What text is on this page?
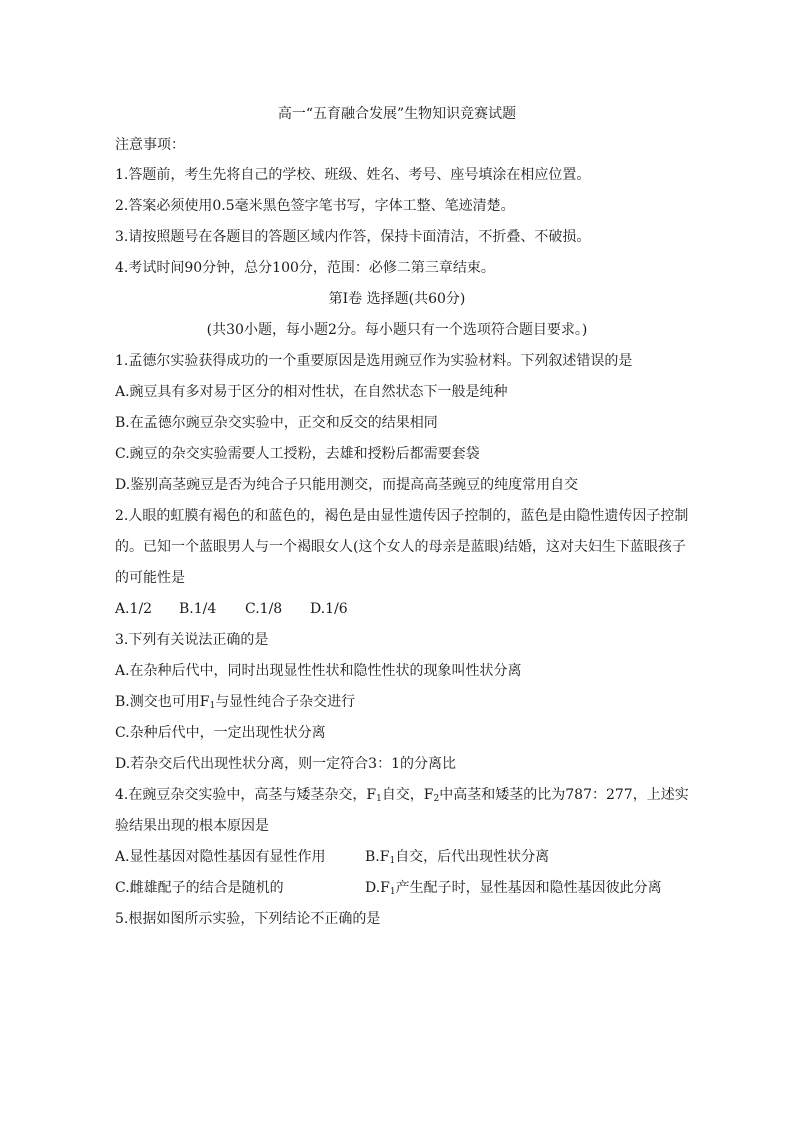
高一“五育融合发展”生物知识竞赛试题
注意事项：
1.答题前，考生先将自己的学校、班级、姓名、考号、座号填涂在相应位置。
2.答案必须使用0.5毫米黑色签字笔书写，字体工整、笔迹清楚。
3.请按照题号在各题目的答题区域内作答，保持卡面清洁，不折叠、不破损。
4.考试时间90分钟，总分100分，范围：必修二第三章结束。
第Ⅰ卷 选择题(共60分)
(共30小题，每小题2分。每小题只有一个选项符合题目要求。)
1.孟德尔实验获得成功的一个重要原因是选用豌豆作为实验材料。下列叙述错误的是
A.豌豆具有多对易于区分的相对性状，在自然状态下一般是纯种
B.在孟德尔豌豆杂交实验中，正交和反交的结果相同
C.豌豆的杂交实验需要人工授粉，去雄和授粉后都需要套袋
D.鉴别高茎豌豆是否为纯合子只能用测交，而提高高茎豌豆的纯度常用自交
2.人眼的虹膜有褐色的和蓝色的，褐色是由显性遗传因子控制的，蓝色是由隐性遗传因子控制
的。已知一个蓝眼男人与一个褐眼女人(这个女人的母亲是蓝眼)结婚，这对夫妇生下蓝眼孩子
的可能性是
A.1/2 B.1/4 C.1/8 D.1/6
3.下列有关说法正确的是
A.在杂种后代中，同时出现显性性状和隐性性状的现象叫性状分离
B.测交也可用$F_1$与显性纯合子杂交进行
C.杂种后代中，一定出现性状分离
D.若杂交后代出现性状分离，则一定符合3：1的分离比
4.在豌豆杂交实验中，高茎与矮茎杂交，$F_1$自交，$F_2$中高茎和矮茎的比为787：277，上述实
验结果出现的根本原因是
A.显性基因对隐性基因有显性作用	$B.F_1$自交，后代出现性状分离
C.雌雄配子的结合是随机的	$D.F_1$产生配子时，显性基因和隐性基因彼此分离
5.根据如图所示实验，下列结论不正确的是
